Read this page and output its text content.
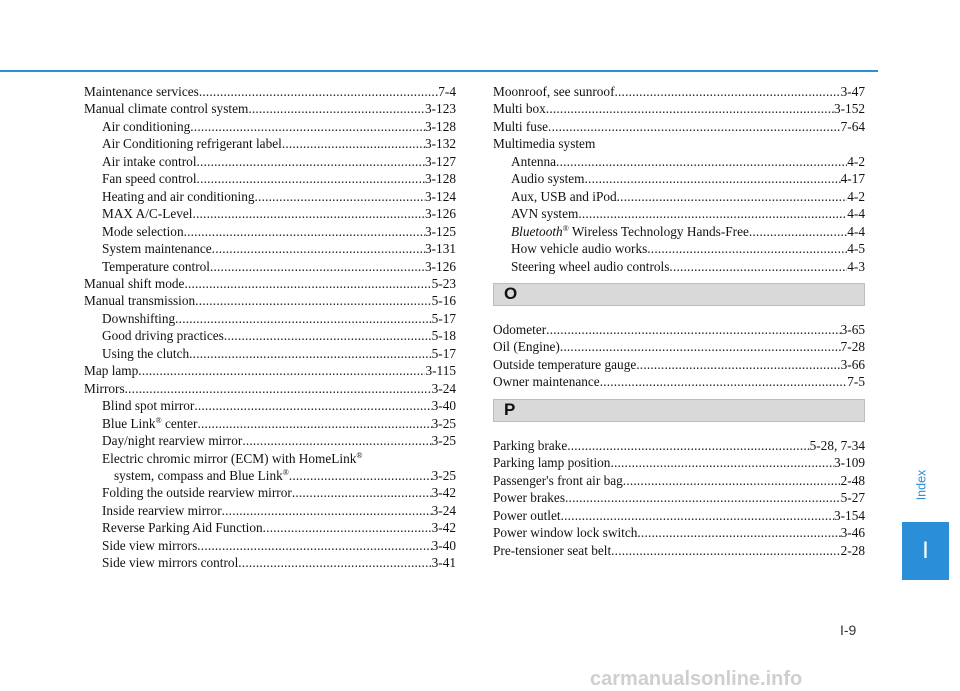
Maintenance services .....	7-4
Manual climate control system .....	3-123
Air conditioning .....	3-128
Air Conditioning refrigerant label .....	3-132
Air intake control .....	3-127
Fan speed control .....	3-128
Heating and air conditioning .....	3-124
MAX A/C-Level .....	3-126
Mode selection .....	3-125
System maintenance .....	3-131
Temperature control .....	3-126
Manual shift mode .....	5-23
Manual transmission .....	5-16
Downshifting .....	5-17
Good driving practices .....	5-18
Using the clutch .....	5-17
Map lamp .....	3-115
Mirrors .....	3-24
Blind spot mirror .....	3-40
Blue Link® center .....	3-25
Day/night rearview mirror .....	3-25
Electric chromic mirror (ECM) with HomeLink®
system, compass and Blue Link® .....	3-25
Folding the outside rearview mirror .....	3-42
Inside rearview mirror .....	3-24
Reverse Parking Aid Function .....	3-42
Side view mirrors .....	3-40
Side view mirrors control .....	3-41
Moonroof, see sunroof .....	3-47
Multi box .....	3-152
Multi fuse .....	7-64
Multimedia system
Antenna .....	4-2
Audio system .....	4-17
Aux, USB and iPod .....	4-2
AVN system .....	4-4
Bluetooth® Wireless Technology Hands-Free .....	4-4
How vehicle audio works .....	4-5
Steering wheel audio controls .....	4-3
O
Odometer .....	3-65
Oil (Engine) .....	7-28
Outside temperature gauge .....	3-66
Owner maintenance .....	7-5
P
Parking brake .....	5-28, 7-34
Parking lamp position .....	3-109
Passenger's front air bag .....	2-48
Power brakes .....	5-27
Power outlet .....	3-154
Power window lock switch .....	3-46
Pre-tensioner seat belt .....	2-28
Index
I
I-9
carmanualsonline.info
